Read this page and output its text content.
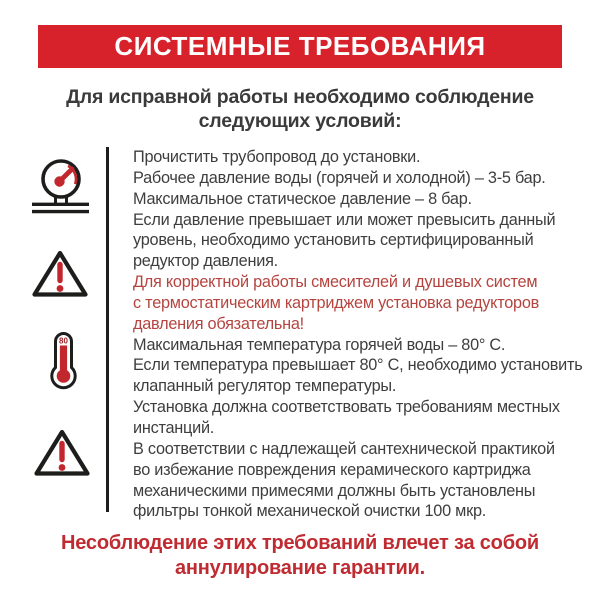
СИСТЕМНЫЕ ТРЕБОВАНИЯ
Для исправной работы необходимо соблюдение
следующих условий:
80
Прочистить трубопровод до установки.
Рабочее давление воды (горячей и холодной) – 3-5 бар.
Максимальное статическое давление – 8 бар.
Если давление превышает или может превысить данный
уровень, необходимо установить сертифицированный
редуктор давления.
Для корректной работы смесителей и душевых систем
с термостатическим картриджем установка редукторов
давления обязательна!
Максимальная температура горячей воды – 80° C.
Если температура превышает 80° C, необходимо установить
клапанный регулятор температуры.
Установка должна соответствовать требованиям местных
инстанций.
В соответствии с надлежащей сантехнической практикой
во избежание повреждения керамического картриджа
механическими примесями должны быть установлены
фильтры тонкой механической очистки 100 мкр.
Несоблюдение этих требований влечет за собой
аннулирование гарантии.
